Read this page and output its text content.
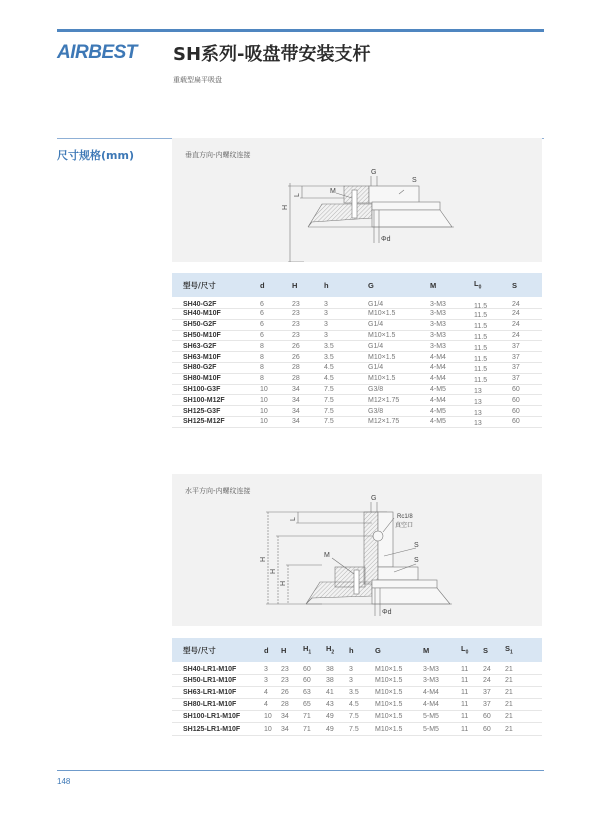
AIRBEST SH系列-吸盘带安装支杆
重载型扁平吸盘
尺寸规格(mm)	垂直方向-内螺纹连接
G
S
M
H
L
Φd
型号/尺寸	d	H	h	G	M	$L_0$	S
SH40-G2F	6	23	3	G1/4	3-M3	11.5	24
SH40-M10F	6	23	3	M10×1.5	3-M3	11.5	24
SH50-G2F	6	23	3	G1/4	3-M3	11.5	24
SH50-M10F	6	23	3	M10×1.5	3-M3	11.5	24
SH63-G2F	8	26	3.5	G1/4	3-M3	11.5	37
SH63-M10F	8	26	3.5	M10×1.5	4-M4	11.5	37
SH80-G2F	8	28	4.5	G1/4	4-M4	11.5	37
SH80-M10F	8	28	4.5	M10×1.5	4-M4	11.5	37
SH100-G3F	10	34	7.5	G3/8	4-M5	13	60
SH100-M12F	10	34	7.5	M12×1.75	4-M4	13	60
SH125-G3F	10	34	7.5	G3/8	4-M5	13	60
SH125-M12F	10	34	7.5	M12×1.75	4-M5	13	60
水平方向-内螺纹连接
G
Rc1/8
真空口
S
S
M
H
H
H
L
Φd
型号/尺寸	d	H	$H_1$	$H_2$	h	G	M	$L_0$	S	$S_1$
SH40-LR1-M10F	3	23	60	38	3	M10×1.5	3-M3	11	24	21
SH50-LR1-M10F	3	23	60	38	3	M10×1.5	3-M3	11	24	21
SH63-LR1-M10F	4	26	63	41	3.5	M10×1.5	4-M4	11	37	21
SH80-LR1-M10F	4	28	65	43	4.5	M10×1.5	4-M4	11	37	21
SH100-LR1-M10F	10	34	71	49	7.5	M10×1.5	5-M5	11	60	21
SH125-LR1-M10F	10	34	71	49	7.5	M10×1.5	5-M5	11	60	21
148
